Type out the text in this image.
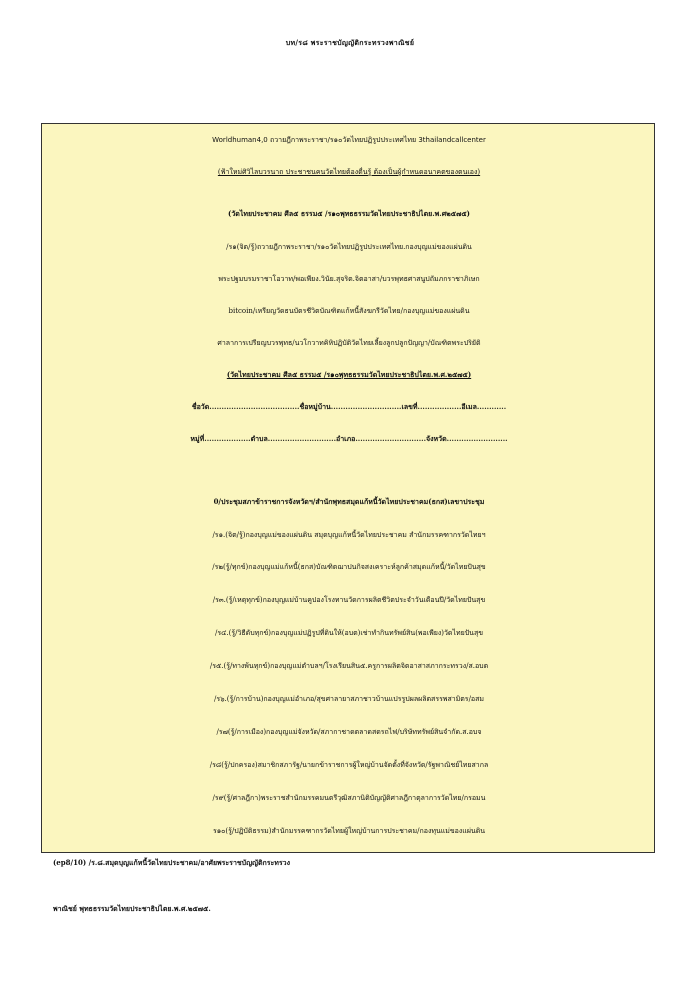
บท/ร๘ พระราชบัญญัติกระทรวงพาณิชย์
Worldhuman4,0 ถวายฎีกาพระราชา/ร๑๐วัดไทยปฏิรูปประเทศไทย 3thailandcallcenter
(ฟ้าใหม่ศิวิไลบวรนาถ ประชาชนคนวัดไทยต้องตื่นรู้ ต้องเป็นผู้กำหนดอนาคตของตนเอง)
(วัดไทยประชาคม ศีล๕ ธรรม๕ /ร๑๐พุทธธรรมวัดไทยประชาธิปไตย.พ.ศ๒๕๗๕)
/ร๑(จิต/รู้)ถวายฎีกาพระราชา/ร๑๐วัดไทยปฏิรูปประเทศไทย.กองบุญแม่ของแผ่นดิน
พระปฐมบรมราชาโอวาท/พอเพียง.วินัย.สุจริต.จิตอาสา/บวรพุทธศาสนูปถัมภกราชาภิเษก
bitcoin/เหรียญวัดธนบัตรชีวิตบัณฑิตแก้หนี้สังฆกรีวัดไทย/กองบุญแม่ของแผ่นดิน
ศาลาการเปรียญบวรพุทธ/นวโกวาทคิหิปฏิบัติวัดไทยเลี้ยงลูกปลูกปัญญา/บัณฑิตพระปริยัติ
(วัดไทยประชาคม ศีล๕ ธรรม๕ /ร๑๐พุทธธรรมวัดไทยประชาธิปไตย.พ.ศ.๒๕๗๕)
ชื่อวัด.....................................ชื่อหมู่บ้าน.............................เลขที่..................อีเมล............
หมู่ที่...................ตำบล............................อำเภอ.............................จังหวัด.........................
0/ประชุมสภาข้าราชการจังหวัดฯ/สำนักพุทธสมุดแก้หนี้วัดไทยประชาคม(ธกส)เลขาประชุม
/ร๑.(จิต/รู้)กองบุญแม่ของแผ่นดิน สมุดบุญแก้หนี้วัดไทยประชาคม สำนักมรรคฑากรวัดไทยฯ
/ร๒(รู้/ทุกข์)กองบุญแม่แก้หนี้(ธกส)บัณฑิตฌาปนกิจสงเคราะห์ลูกค้าสมุดแก้หนี้/วัดไทยปันสุข
/ร๓.(รู้/เหตุทุกข์)กองบุญแม่บ้านคูปองโรงทานวัดการผลิตชีวิตประจำวันเดือนปี/วัดไทยปันสุข
/ร๔.(รู้/วิธีดับทุกข์)กองบุญแม่ปฏิรูปที่ดินให้(อบต)เช่าทำกินทรัพย์สิน(พอเพียง)วัดไทยปันสุข
/ร๕.(รู้/ทางพ้นทุกข์)กองบุญแม่ตำบลฯ/โรงเรียนสิน๕.ครูการผลิตจิตอาสาสภากระทรวง/ส.อบต
/ร๖.(รู้/การบ้าน)กองบุญแม่อำเภอ/สุขศาลายาสภาชาวบ้านแปรรูปผลผลิตสรรพสามิตร/อสม
/ร๗(รู้/การเมือง)กองบุญแม่จังหวัด/สภากาชาดตลาดสดรถไฟ/บริษัททรัพย์สินจำกัด.ส.อบจ
/ร๘(รู้/ปกครอง)สมาชิกสภารัฐ/นายกข้าราชการผู้ใหญ่บ้านจัดตั้งที่จังหวัด/รัฐพาณิชย์ไทยสากล
/ร๙(รู้/ศาลฎีกา)พระราชสำนักมรรคมนตรีวุฒิสภานิติบัญญัติศาลฎีกาตุลาการวัดไทย/กรอมน
ร๑๐(รู้/ปฏิบัติธรรม)สำนักมรรคฑากรวัดไทยผู้ใหญ่บ้านการประชาคม/กองทุนแม่ของแผ่นดิน
(ep8/10) /ร.๘.สมุดบุญแก้หนี้วัดไทยประชาคม/อาศัยพระราชบัญญัติกระทรวง
พาณิชย์ พุทธธรรมวัดไทยประชาธิปไตย.พ.ศ.๒๕๗๕.
